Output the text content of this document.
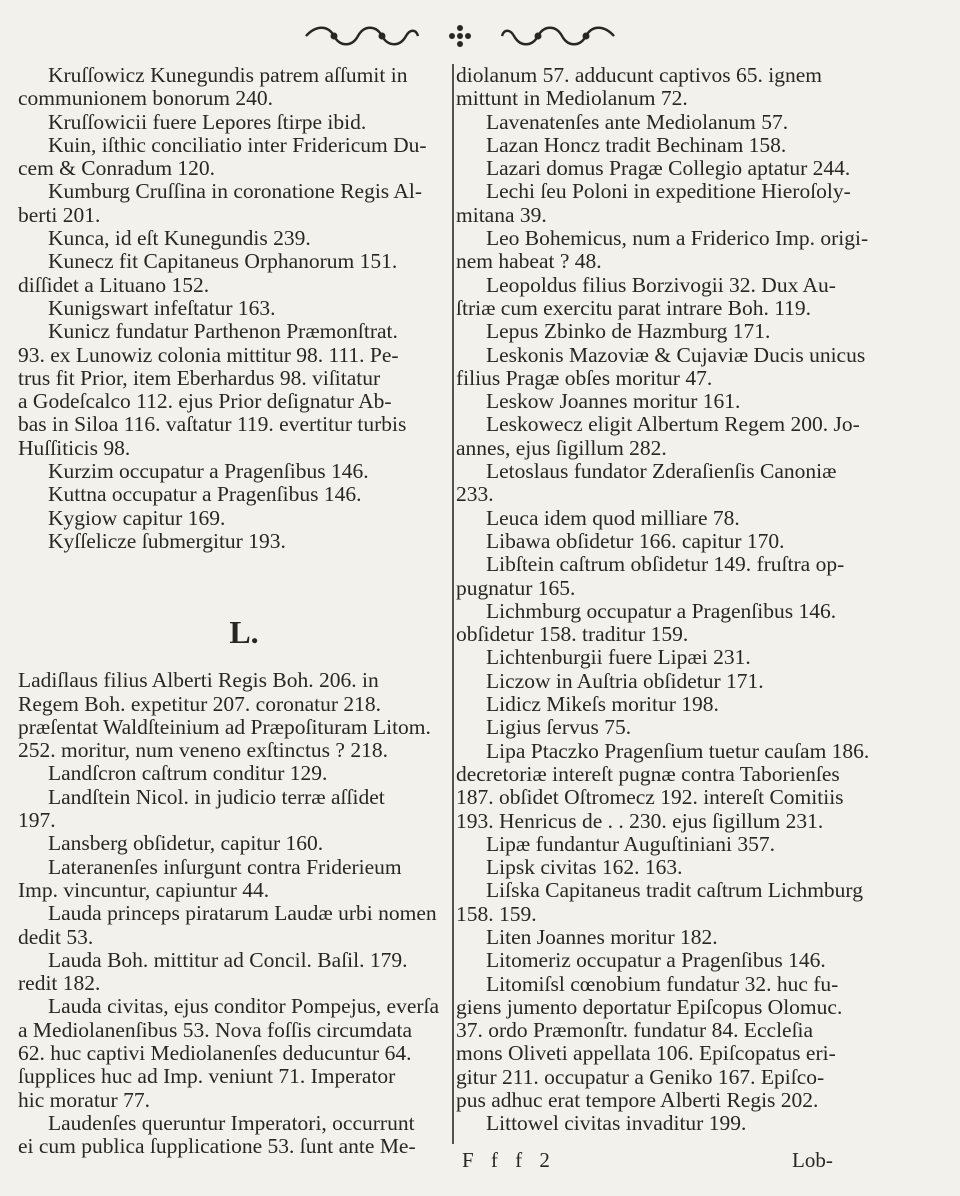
Kruſſowicz Kunegundis patrem aſſumit in
communionem bonorum 240.
Kruſſowicii fuere Lepores ſtirpe ibid.
Kuin, iſthic conciliatio inter Fridericum Du-
cem & Conradum 120.
Kumburg Cruſſina in coronatione Regis Al-
berti 201.
Kunca, id eſt Kunegundis 239.
Kunecz fit Capitaneus Orphanorum 151.
diſſidet a Lituano 152.
Kunigswart infeſtatur 163.
Kunicz fundatur Parthenon Præmonſtrat.
93. ex Lunowiz colonia mittitur 98. 111. Pe-
trus fit Prior, item Eberhardus 98. viſitatur
a Godeſcalco 112. ejus Prior deſignatur Ab-
bas in Siloa 116. vaſtatur 119. evertitur turbis
Huſſiticis 98.
Kurzim occupatur a Pragenſibus 146.
Kuttna occupatur a Pragenſibus 146.
Kygiow capitur 169.
Kyſſelicze ſubmergitur 193.
L.
Ladiſlaus filius Alberti Regis Boh. 206. in
Regem Boh. expetitur 207. coronatur 218.
præſentat Waldſteinium ad Præpoſituram Litom.
252. moritur, num veneno exſtinctus ? 218.
Landſcron caſtrum conditur 129.
Landſtein Nicol. in judicio terræ aſſidet
197.
Lansberg obſidetur, capitur 160.
Lateranenſes inſurgunt contra Friderieum
Imp. vincuntur, capiuntur 44.
Lauda princeps piratarum Laudæ urbi nomen
dedit 53.
Lauda Boh. mittitur ad Concil. Baſil. 179.
redit 182.
Lauda civitas, ejus conditor Pompejus, everſa
a Mediolanenſibus 53. Nova foſſis circumdata
62. huc captivi Mediolanenſes deducuntur 64.
ſupplices huc ad Imp. veniunt 71. Imperator
hic moratur 77.
Laudenſes queruntur Imperatori, occurrunt
ei cum publica ſupplicatione 53. ſunt ante Me-
diolanum 57. adducunt captivos 65. ignem
mittunt in Mediolanum 72.
Lavenatenſes ante Mediolanum 57.
Lazan Honcz tradit Bechinam 158.
Lazari domus Pragæ Collegio aptatur 244.
Lechi ſeu Poloni in expeditione Hieroſoly-
mitana 39.
Leo Bohemicus, num a Friderico Imp. origi-
nem habeat ? 48.
Leopoldus filius Borzivogii 32. Dux Au-
ſtriæ cum exercitu parat intrare Boh. 119.
Lepus Zbinko de Hazmburg 171.
Leskonis Mazoviæ & Cujaviæ Ducis unicus
filius Pragæ obſes moritur 47.
Leskow Joannes moritur 161.
Leskowecz eligit Albertum Regem 200. Jo-
annes, ejus ſigillum 282.
Letoslaus fundator Zderaſienſis Canoniæ
233.
Leuca idem quod milliare 78.
Libawa obſidetur 166. capitur 170.
Libſtein caſtrum obſidetur 149. fruſtra op-
pugnatur 165.
Lichmburg occupatur a Pragenſibus 146.
obſidetur 158. traditur 159.
Lichtenburgii fuere Lipæi 231.
Liczow in Auſtria obſidetur 171.
Lidicz Mikeſs moritur 198.
Ligius ſervus 75.
Lipa Ptaczko Pragenſium tuetur cauſam 186.
decretoriæ intereſt pugnæ contra Taborienſes
187. obſidet Oſtromecz 192. intereſt Comitiis
193. Henricus de . . 230. ejus ſigillum 231.
Lipæ fundantur Auguſtiniani 357.
Lipsk civitas 162. 163.
Liſska Capitaneus tradit caſtrum Lichmburg
158. 159.
Liten Joannes moritur 182.
Litomeriz occupatur a Pragenſibus 146.
Litomiſsl cœnobium fundatur 32. huc fu-
giens jumento deportatur Epiſcopus Olomuc.
37. ordo Præmonſtr. fundatur 84. Eccleſia
mons Oliveti appellata 106. Epiſcopatus eri-
gitur 211. occupatur a Geniko 167. Epiſco-
pus adhuc erat tempore Alberti Regis 202.
Littowel civitas invaditur 199.
F f f 2	Lob-
